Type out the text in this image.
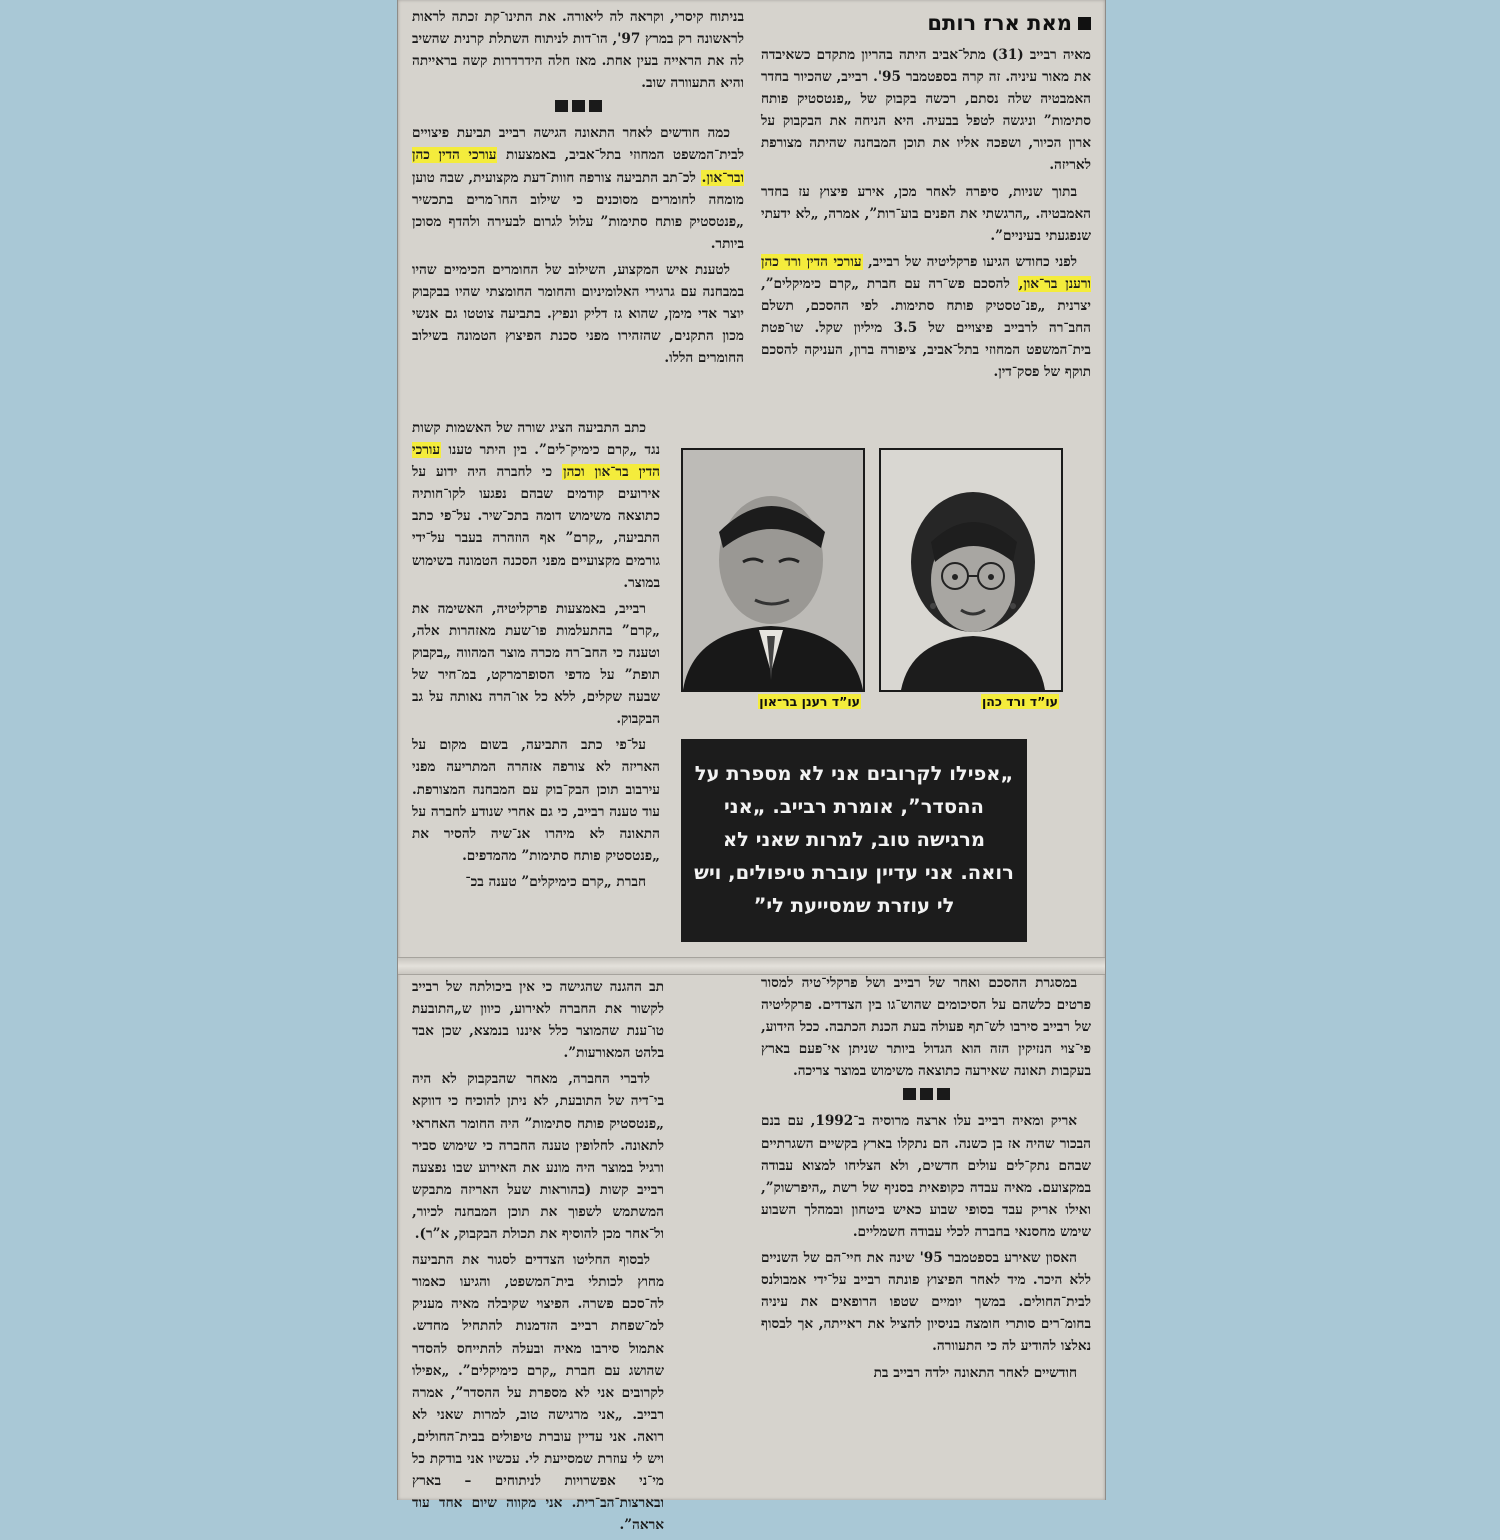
מאת ארז רותם

מאיה רבייב (31) מתל־אביב היתה בהריון מתקדם כשאיבדה את מאור עיניה. זה קרה בספטמבר 95'. רבייב, שהכיור בחדר האמבטיה שלה נסתם, רכשה בקבוק של „פנטסטיק פותח סתימות” וניגשה לטפל בבעיה. היא הניחה את הבקבוק על ארון הכיור, ושפכה אליו את תוכן המבחנה שהיתה מצורפת לאריזה.

בתוך שניות, סיפרה לאחר מכן, אירע פיצוץ עז בחדר האמבטיה. „הרגשתי את הפנים בוע־רות”, אמרה, „לא ידעתי שנפגעתי בעיניים”.

לפני כחודש הגיעו פרקליטיה של רבייב, עורכי הדין ורד כהן ורענן בר־און, להסכם פש־רה עם חברת „קרם כימיקלים”, יצרנית „פנ־טסטיק פותח סתימות. לפי ההסכם, תשלם החב־רה לרבייב פיצויים של 3.5 מיליון שקל. שו־פטת בית־המשפט המחוזי בתל־אביב, ציפורה ברון, העניקה להסכם תוקף של פסק־דין.

בניתוח קיסרי, וקראה לה ליאורה. את התינו־קת זכתה לראות לראשונה רק במרץ 97', הו־דות לניתוח השתלת קרנית שהשיב לה את הראייה בעין אחת. מאז חלה הידרדרות קשה בראייתה והיא התעוורה שוב.

כמה חודשים לאחר התאונה הגישה רבייב תביעת פיצויים לבית־המשפט המחוזי בתל־אביב, באמצעות עורכי הדין כהן ובר־און. לכ־תב התביעה צורפה חוות־דעת מקצועית, שבה טוען מומחה לחומרים מסוכנים כי שילוב החו־מרים בתכשיר „פנטסטיק פותח סתימות” עלול לגרום לבעירה ולהדף מסוכן ביותר.

לטענת איש המקצוע, השילוב של החומרים הכימיים שהיו במבחנה עם גרגירי האלומיניום והחומר החומצתי שהיו בבקבוק יוצר אדי מימן, שהוא גז דליק ונפיץ. בתביעה צוטטו גם אנשי מכון התקנים, שהזהירו מפני סכנת הפיצוץ הטמונה בשילוב החומרים הללו.

כתב התביעה הציג שורה של האשמות קשות נגד „קרם כימיק־לים”. בין היתר טענו עורכי הדין בר־און וכהן כי לחברה היה ידוע על אירועים קודמים שבהם נפגעו לקו־חותיה כתוצאה משימוש דומה בתכ־שיר. על־פי כתב התביעה, „קרם” אף הוזהרה בעבר על־ידי גורמים מקצועיים מפני הסכנה הטמונה בשימוש במוצר.

רבייב, באמצעות פרקליטיה, האשימה את „קרם” בהתעלמות פו־שעת מאזהרות אלה, וטענה כי החב־רה מכרה מוצר המהווה „בקבוק תופת” על מדפי הסופרמרקט, במ־חיר של שבעה שקלים, ללא כל או־הרה נאותה על גב הבקבוק.

על־פי כתב התביעה, בשום מקום על האריזה לא צורפה אזהרה המתריעה מפני עירבוב תוכן הבק־בוק עם המבחנה המצורפת. עוד טענה רבייב, כי גם אחרי שנודע לחברה על התאונה לא מיהרו אנ־שיה להסיר את „פנטסטיק פותח סתימות” מהמדפים.

חברת „קרם כימיקלים” טענה בכ־

עו”ד ורד כהן
עו”ד רענן בר־און
„אפילו לקרובים אני לא מספרת על ההסדר”, אומרת רבייב. „אני מרגישה טוב, למרות שאני לא רואה. אני עדיין עוברת טיפולים, ויש לי עוזרת שמסייעת לי”

תב ההגנה שהגישה כי אין ביכולתה של רבייב לקשור את החברה לאירוע, כיוון ש„התובעת טו־ענת שהמוצר כלל איננו בנמצא, שכן אבד בלהט המאורעות”.

לדברי החברה, מאחר שהבקבוק לא היה בי־דיה של התובעת, לא ניתן להוכיח כי דווקא „פנטסטיק פותח סתימות” היה החומר האחראי לתאונה. לחלופין טענה החברה כי שימוש סביר ורגיל במוצר היה מונע את האירוע שבו נפצעה רבייב קשות (בהוראות שעל האריזה מתבקש המשתמש לשפוך את תוכן המבחנה לכיור, ול־אחר מכן להוסיף את תכולת הבקבוק, א”ר).

לבסוף החליטו הצדדים לסגור את התביעה מחוץ לכותלי בית־המשפט, והגיעו כאמור לה־סכם פשרה. הפיצוי שקיבלה מאיה מעניק למ־שפחת רבייב הזדמנות להתחיל מחדש. אתמול סירבו מאיה ובעלה להתייחס להסדר שהושג עם חברת „קרם כימיקלים”. „אפילו לקרובים אני לא מספרת על ההסדר”, אמרה רבייב. „אני מרגישה טוב, למרות שאני לא רואה. אני עדיין עוברת טיפולים בבית־החולים, ויש לי עוזרת שמסייעת לי. עכשיו אני בודקת כל מי־ני אפשרויות לניתוחים – בארץ ובארצות־הב־רית. אני מקווה שיום אחד עוד אראה”.

במסגרת ההסכם ואחר של רבייב ושל פרקלי־טיה למסור פרטים כלשהם על הסיכומים שהוש־גו בין הצדדים. פרקליטיה של רבייב סירבו לש־תף פעולה בעת הכנת הכתבה. ככל הידוע, פי־צוי הנזיקין הזה הוא הגדול ביותר שניתן אי־פעם בארץ בעקבות תאונה שאירעה כתוצאה משימוש במוצר צריכה.

אריק ומאיה רבייב עלו ארצה מרוסיה ב־1992, עם בנם הבכור שהיה אז בן כשנה. הם נתקלו בארץ בקשיים השגרתיים שבהם נתק־לים עולים חדשים, ולא הצליחו למצוא עבודה במקצועם. מאיה עבדה כקופאית בסניף של רשת „היפרשוק”, ואילו אריק עבד בסופי שבוע כאיש ביטחון ובמהלך השבוע שימש מחסנאי בחברה לכלי עבודה חשמליים.

האסון שאירע בספטמבר 95' שינה את חיי־הם של השניים ללא היכר. מיד לאחר הפיצוץ פונתה רבייב על־ידי אמבולנס לבית־החולים. במשך יומיים שטפו הרופאים את עיניה בחומ־רים סותרי חומצה בניסיון להציל את ראייתה, אך לבסוף נאלצו להודיע לה כי התעוורה.

חודשיים לאחר התאונה ילדה רבייב בת
